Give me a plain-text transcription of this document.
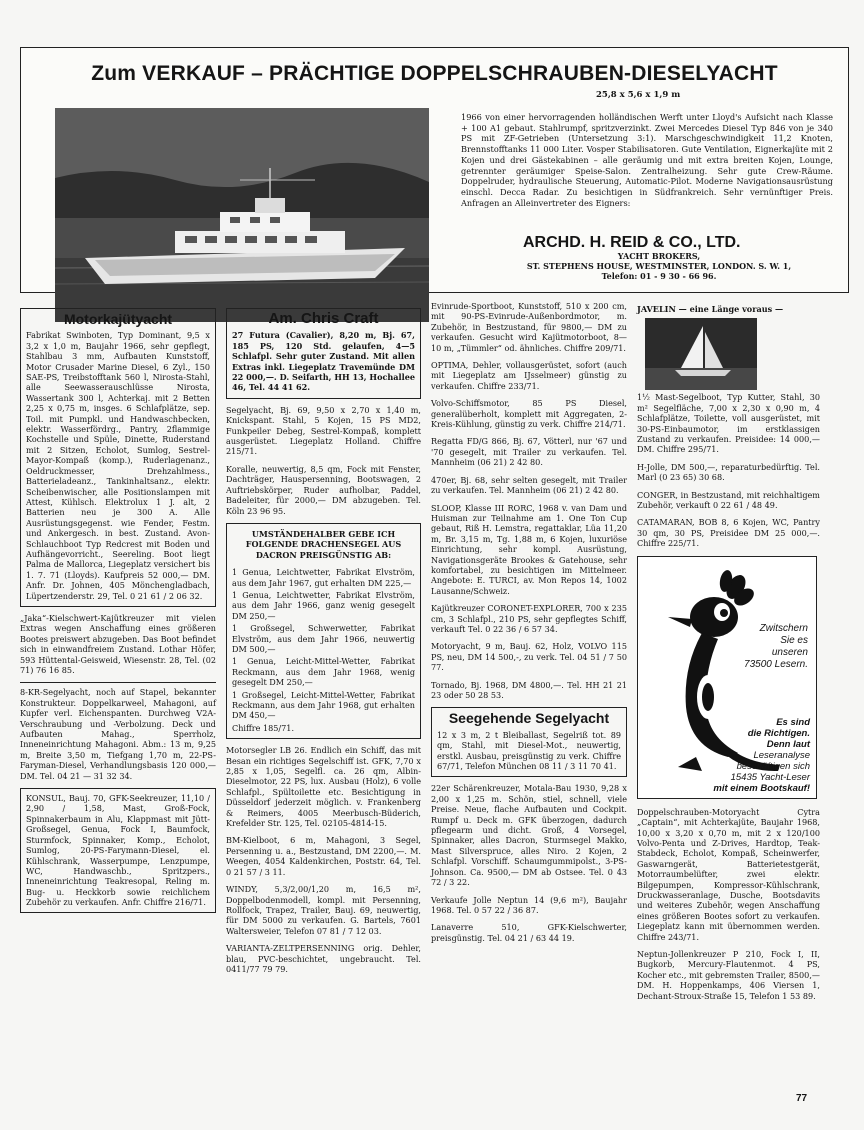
Zum VERKAUF – PRÄCHTIGE DOPPELSCHRAUBEN-DIESELYACHT
25,8 x 5,6 x 1,9 m
1966 von einer hervorragenden holländischen Werft unter Lloyd's Aufsicht nach Klasse + 100 A1 gebaut. Stahlrumpf, spritzverzinkt. Zwei Mercedes Diesel Typ 846 von je 340 PS mit ZF-Getrieben (Untersetzung 3:1). Marschgeschwindigkeit 11,2 Knoten, Brennstofftanks 11 000 Liter. Vosper Stabilisatoren. Gute Ventilation, Eignerkajüte mit 2 Kojen und drei Gästekabinen – alle geräumig und mit extra breiten Kojen, Lounge, getrennter geräumiger Speise-Salon. Zentralheizung. Sehr gute Crew-Räume. Doppelruder, hydraulische Steuerung, Automatic-Pilot. Moderne Navigationsausrüstung einschl. Decca Radar. Zu besichtigen in Südfrankreich. Sehr vernünftiger Preis. Anfragen an Alleinvertreter des Eigners:
ARCHD. H. REID & CO., LTD.
YACHT BROKERS,
ST. STEPHENS HOUSE, WESTMINSTER, LONDON. S. W. 1,
Telefon: 01 - 9 30 - 66 96.
Motorkajütyacht
Fabrikat Swinboten, Typ Dominant, 9,5 x 3,2 x 1,0 m, Baujahr 1966, sehr gepflegt, Stahlbau 3 mm, Aufbauten Kunststoff, Motor Crusader Marine Diesel, 6 Zyl., 150 SAE-PS, Treibstofftank 560 l, Nirosta-Stahl, alle Seewasserauschlüsse Nirosta, Wassertank 300 l, Achterkaj. mit 2 Betten 2,25 x 0,75 m, insges. 6 Schlafplätze, sep. Toil. mit Pumpkl. und Handwaschbecken, elektr. Wasserfördrg., Pantry, 2flammige Kochstelle und Spüle, Dinette, Ruderstand mit 2 Sitzen, Echolot, Sumlog, Sestrel-Mayor-Kompaß (komp.), Ruderlagenanz., Oeldruckmesser, Drehzahlmess., Batterieladeanz., Tankinhaltsanz., elektr. Scheibenwischer, alle Positionslampen mit Attest, Kühlsch. Elektrolux 1 J. alt, 2 Batterien neu je 300 A. Alle Ausrüstungsgegenst. wie Fender, Festm. und Ankergesch. in best. Zustand. Avon-Schlauchboot Typ Redcrest mit Boden und Aufhängevorricht., Seereling. Boot liegt Palma de Mallorca, Liegeplatz versichert bis 1. 7. 71 (Lloyds). Kaufpreis 52 000,— DM. Anfr. Dr. Johnen, 405 Mönchengladbach, Lüpertzenderstr. 29, Tel. 0 21 61 / 2 06 32.
„Jaka“-Kielschwert-Kajütkreuzer mit vielen Extras wegen Anschaffung eines größeren Bootes preiswert abzugeben. Das Boot befindet sich in einwandfreiem Zustand. Lothar Höfer, 593 Hüttental-Geisweid, Wiesenstr. 28, Tel. (02 71) 76 16 85.
8-KR-Segelyacht, noch auf Stapel, bekannter Konstrukteur. Doppelkarweel, Mahagoni, auf Kupfer verl. Eichenspanten. Durchweg V2A-Verschraubung und -Verbolzung. Deck und Aufbauten Mahag., Sperrholz, Inneneinrichtung Mahagoni. Abm.: 13 m, 9,25 m, Breite 3,50 m, Tiefgang 1,70 m, 22-PS-Faryman-Diesel, Verhandlungsbasis 120 000,— DM. Tel. 04 21 — 31 32 34.
KONSUL, Bauj. 70, GFK-Seekreuzer, 11,10 / 2,90 / 1,58, Mast, Groß-Fock, Spinnakerbaum in Alu, Klappmast mit Jütt-Großsegel, Genua, Fock I, Baumfock, Sturmfock, Spinnaker, Komp., Echolot, Sumlog, 20-PS-Farymann-Diesel, el. Kühlschrank, Wasserpumpe, Lenzpumpe, WC, Handwaschb., Spritzpers., Inneneinrichtung Teakresopal, Reling m. Bug- u. Heckkorb sowie reichlichem Zubehör zu verkaufen. Anfr. Chiffre 216/71.
Am. Chris Craft
27 Futura (Cavalier), 8,20 m, Bj. 67, 185 PS, 120 Std. gelaufen, 4—5 Schlafpl. Sehr guter Zustand. Mit allen Extras inkl. Liegeplatz Travemünde DM 22 000,—. D. Seifarth, HH 13, Hochallee 46, Tel. 44 41 62.
Segelyacht, Bj. 69, 9,50 x 2,70 x 1,40 m, Knickspant. Stahl, 5 Kojen, 15 PS MD2, Funkpeiler Debeg, Sestrel-Kompaß, komplett ausgerüstet. Liegeplatz Holland. Chiffre 215/71.
Koralle, neuwertig, 8,5 qm, Fock mit Fenster, Dachträger, Hauspersenning, Bootswagen, 2 Auftriebskörper, Ruder aufholbar, Paddel, Badeleiter, für 2000,— DM abzugeben. Tel. Köln 23 96 95.
UMSTÄNDEHALBER GEBE ICH FOLGENDE DRACHENSEGEL AUS DACRON PREISGÜNSTIG AB:
1 Genua, Leichtwetter, Fabrikat Elvström, aus dem Jahr 1967, gut erhalten DM 225,—
1 Genua, Leichtwetter, Fabrikat Elvström, aus dem Jahr 1966, ganz wenig gesegelt DM 250,—
1 Großsegel, Schwerwetter, Fabrikat Elvström, aus dem Jahr 1966, neuwertig DM 500,—
1 Genua, Leicht-Mittel-Wetter, Fabrikat Reckmann, aus dem Jahr 1968, wenig gesegelt DM 250,—
1 Großsegel, Leicht-Mittel-Wetter, Fabrikat Reckmann, aus dem Jahr 1968, gut erhalten DM 450,—
Chiffre 185/71.
Motorsegler LB 26. Endlich ein Schiff, das mit Besan ein richtiges Segelschiff ist. GFK, 7,70 x 2,85 x 1,05, Segelfl. ca. 26 qm, Albin-Dieselmotor, 22 PS, lux. Ausbau (Holz), 6 volle Schlafpl., Spültoilette etc. Besichtigung in Düsseldorf jederzeit möglich. v. Frankenberg & Reimers, 4005 Meerbusch-Büderich, Krefelder Str. 125, Tel. 02105-4814-15.
BM-Kielboot, 6 m, Mahagoni, 3 Segel, Persenning u. a., Bestzustand, DM 2200,—. M. Weegen, 4054 Kaldenkirchen, Poststr. 64, Tel. 0 21 57 / 3 11.
WINDY, 5,3/2,00/1,20 m, 16,5 m², Doppelbodenmodell, kompl. mit Persenning, Rollfock, Trapez, Trailer, Bauj. 69, neuwertig, für DM 5000 zu verkaufen. G. Bartels, 7601 Waltersweier, Telefon 07 81 / 7 12 03.
VARIANTA-ZELTPERSENNING orig. Dehler, blau, PVC-beschichtet, ungebraucht. Tel. 0411/77 79 79.
Evinrude-Sportboot, Kunststoff, 510 x 200 cm, mit 90-PS-Evinrude-Außenbordmotor, m. Zubehör, in Bestzustand, für 9800,— DM zu verkaufen. Gesucht wird Kajütmotorboot, 8—10 m, „Tümmler“ od. ähnliches. Chiffre 209/71.
OPTIMA, Dehler, vollausgerüstet, sofort (auch mit Liegeplatz am IJsselmeer) günstig zu verkaufen. Chiffre 233/71.
Volvo-Schiffsmotor, 85 PS Diesel, generalüberholt, komplett mit Aggregaten, 2-Kreis-Kühlung, günstig zu verk. Chiffre 214/71.
Regatta FD/G 866, Bj. 67, Vötterl, nur '67 und '70 gesegelt, mit Trailer zu verkaufen. Tel. Mannheim (06 21) 2 42 80.
470er, Bj. 68, sehr selten gesegelt, mit Trailer zu verkaufen. Tel. Mannheim (06 21) 2 42 80.
SLOOP, Klasse III RORC, 1968 v. van Dam und Huisman zur Teilnahme am 1. One Ton Cup gebaut, Riß H. Lemstra, regattaklar, Lüa 11,20 m, Br. 3,15 m, Tg. 1,88 m, 6 Kojen, luxuriöse Einrichtung, sehr kompl. Ausrüstung, Navigationsgeräte Brookes & Gatehouse, sehr komfortabel, zu besichtigen im Mittelmeer. Angebote: E. TURCI, av. Mon Repos 14, 1002 Lausanne/Schweiz.
Kajütkreuzer CORONET-EXPLORER, 700 x 235 cm, 3 Schlafpl., 210 PS, sehr gepflegtes Schiff, verkauft Tel. 0 22 36 / 6 57 34.
Motoryacht, 9 m, Bauj. 62, Holz, VOLVO 115 PS, neu, DM 14 500,-, zu verk. Tel. 04 51 / 7 50 77.
Tornado, Bj. 1968, DM 4800,—. Tel. HH 21 21 23 oder 50 28 53.
Seegehende Segelyacht
12 x 3 m, 2 t Bleiballast, Segelriß tot. 89 qm, Stahl, mit Diesel-Mot., neuwertig, erstkl. Ausbau, preisgünstig zu verk. Chiffre 67/71, Telefon München 08 11 / 3 11 70 41.
22er Schärenkreuzer, Motala-Bau 1930, 9,28 x 2,00 x 1,25 m. Schön, stiel, schnell, viele Preise. Neue, flache Aufbauten und Cockpit. Rumpf u. Deck m. GFK überzogen, dadurch pflegearm und dicht. Groß, 4 Vorsegel, Spinnaker, alles Dacron, Sturmsegel Makko, Mast Silverspruce, alles Niro. 2 Kojen, 2 Schlafpl. Vorschiff. Schaumgummipolst., 3-PS-Johnson. Ca. 9500,— DM ab Ostsee. Tel. 0 43 72 / 3 22.
Verkaufe Jolle Neptun 14 (9,6 m²), Baujahr 1968. Tel. 0 57 22 / 36 87.
Lanaverre 510, GFK-Kielschwerter, preisgünstig. Tel. 04 21 / 63 44 19.
JAVELIN — eine Länge voraus —
1½ Mast-Segelboot, Typ Kutter, Stahl, 30 m² Segelfläche, 7,00 x 2,30 x 0,90 m, 4 Schlafplätze, Toilette, voll ausgerüstet, mit 30-PS-Einbaumotor, im erstklassigen Zustand zu verkaufen. Preisidee: 14 000,— DM. Chiffre 295/71.
H-Jolle, DM 500,—, reparaturbedürftig. Tel. Marl (0 23 65) 30 68.
CONGER, in Bestzustand, mit reichhaltigem Zubehör, verkauft 0 22 61 / 48 49.
CATAMARAN, BOB 8, 6 Kojen, WC, Pantry 30 qm, 30 PS, Preisidee DM 25 000,—. Chiffre 225/71.
Zwitschern
Sie es
unseren
73500 Lesern.
Es sind
die Richtigen.
Denn laut
Leseranalyse
beschäftigen sich
15435 Yacht-Leser
mit einem Bootskauf!
Doppelschrauben-Motoryacht Cytra „Captain“, mit Achterkajüte, Baujahr 1968, 10,00 x 3,20 x 0,70 m, mit 2 x 120/100 Volvo-Penta und Z-Drives, Hardtop, Teak-Stabdeck, Echolot, Kompaß, Scheinwerfer, Gaswarngerät, Batterietestgerät, Motorraumbelüfter, zwei elektr. Bilgepumpen, Kompressor-Kühlschrank, Druckwasseranlage, Dusche, Bootsdavits und weiteres Zubehör, wegen Anschaffung eines größeren Bootes sofort zu verkaufen. Liegeplatz kann mit übernommen werden. Chiffre 243/71.
Neptun-Jollenkreuzer P 210, Fock I, II, Bugkorb, Mercury-Flautenmot. 4 PS, Kocher etc., mit gebremsten Trailer, 8500,— DM. H. Hoppenkamps, 406 Viersen 1, Dechant-Stroux-Straße 15, Telefon 1 53 89.
77
